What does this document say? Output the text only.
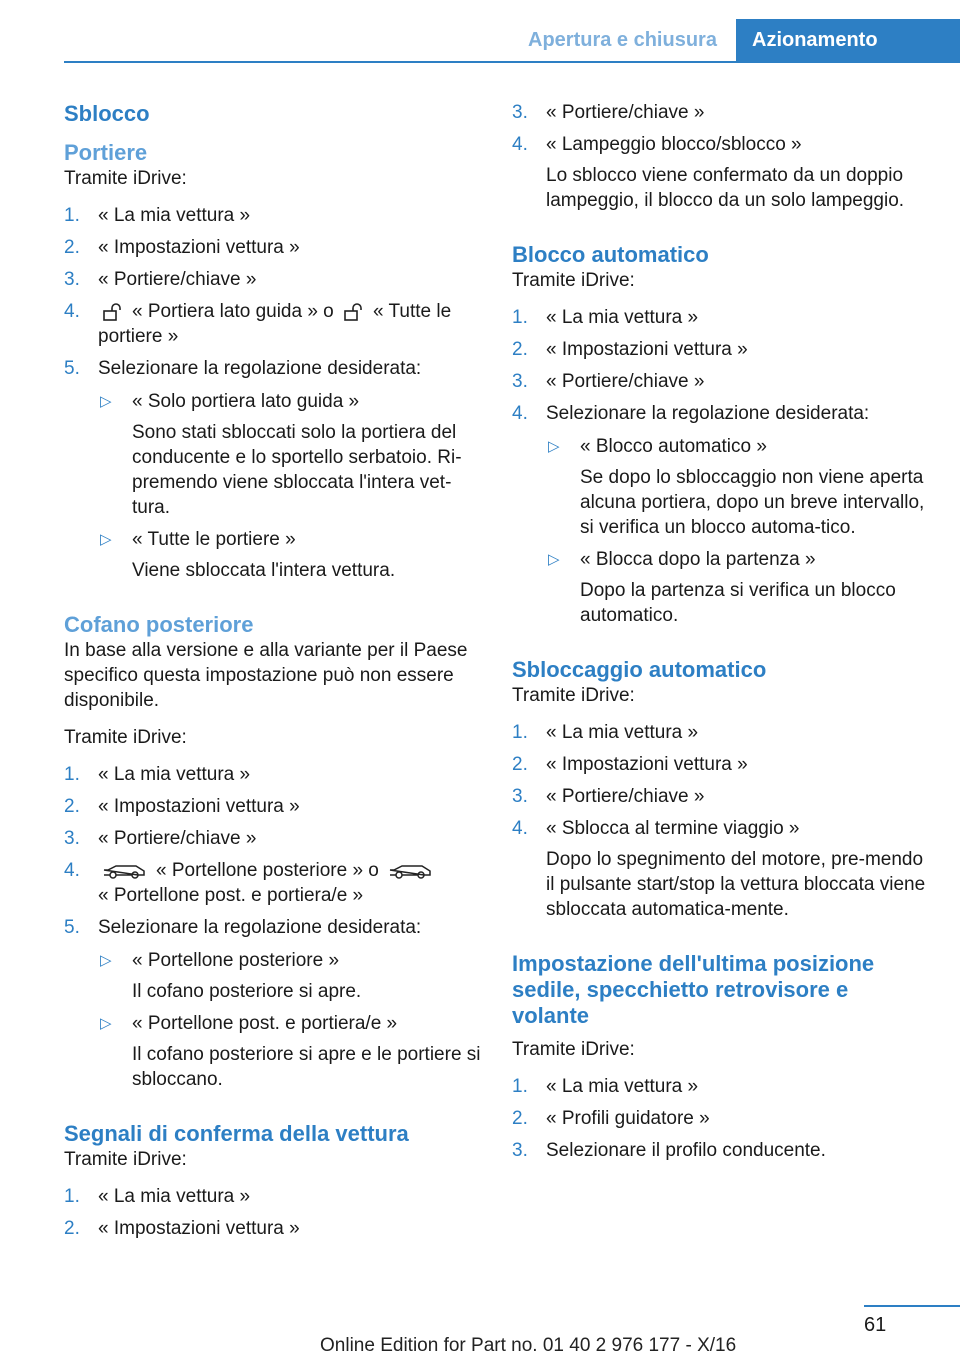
Apertura e chiusura	Azionamento
Sblocco
Portiere

Tramite iDrive:

1. « La mia vettura »
2. « Impostazioni vettura »
3. « Portiere/chiave »
4.	« Portiera lato guida » o « Tutte le portiere »
5. Selezionare la regolazione desiderata:
▷ « Solo portiera lato guida »
Sono stati sbloccati solo la portiera del conducente e lo sportello serbatoio. Ri-premendo viene sbloccata l'intera vet-tura.
▷ « Tutte le portiere »
Viene sbloccata l'intera vettura.
Cofano posteriore

In base alla versione e alla variante per il Paese specifico questa impostazione può non essere disponibile.

Tramite iDrive:

1. « La mia vettura »
2. « Impostazioni vettura »
3. « Portiere/chiave »
4.	« Portellone posteriore » o
« Portellone post. e portiera/e »
5. Selezionare la regolazione desiderata:
▷ « Portellone posteriore »
Il cofano posteriore si apre.
▷ « Portellone post. e portiera/e »
Il cofano posteriore si apre e le portiere si sbloccano.
Segnali di conferma della vettura

Tramite iDrive:

1. « La mia vettura »
2. « Impostazioni vettura »
3. « Portiere/chiave »
4. « Lampeggio blocco/sblocco »
Lo sblocco viene confermato da un doppio lampeggio, il blocco da un solo lampeggio.
Blocco automatico

Tramite iDrive:

1. « La mia vettura »
2. « Impostazioni vettura »
3. « Portiere/chiave »
4. Selezionare la regolazione desiderata:
▷ « Blocco automatico »
Se dopo lo sbloccaggio non viene aperta alcuna portiera, dopo un breve intervallo, si verifica un blocco automa-tico.
▷ « Blocca dopo la partenza »
Dopo la partenza si verifica un blocco automatico.
Sbloccaggio automatico

Tramite iDrive:

1. « La mia vettura »
2. « Impostazioni vettura »
3. « Portiere/chiave »
4. « Sblocca al termine viaggio »
Dopo lo spegnimento del motore, pre-mendo il pulsante start/stop la vettura bloccata viene sbloccata automatica-mente.
Impostazione dell'ultima posizione sedile, specchietto retrovisore e volante

Tramite iDrive:

1. « La mia vettura »
2. « Profili guidatore »
3. Selezionare il profilo conducente.
61
Online Edition for Part no. 01 40 2 976 177 - X/16
